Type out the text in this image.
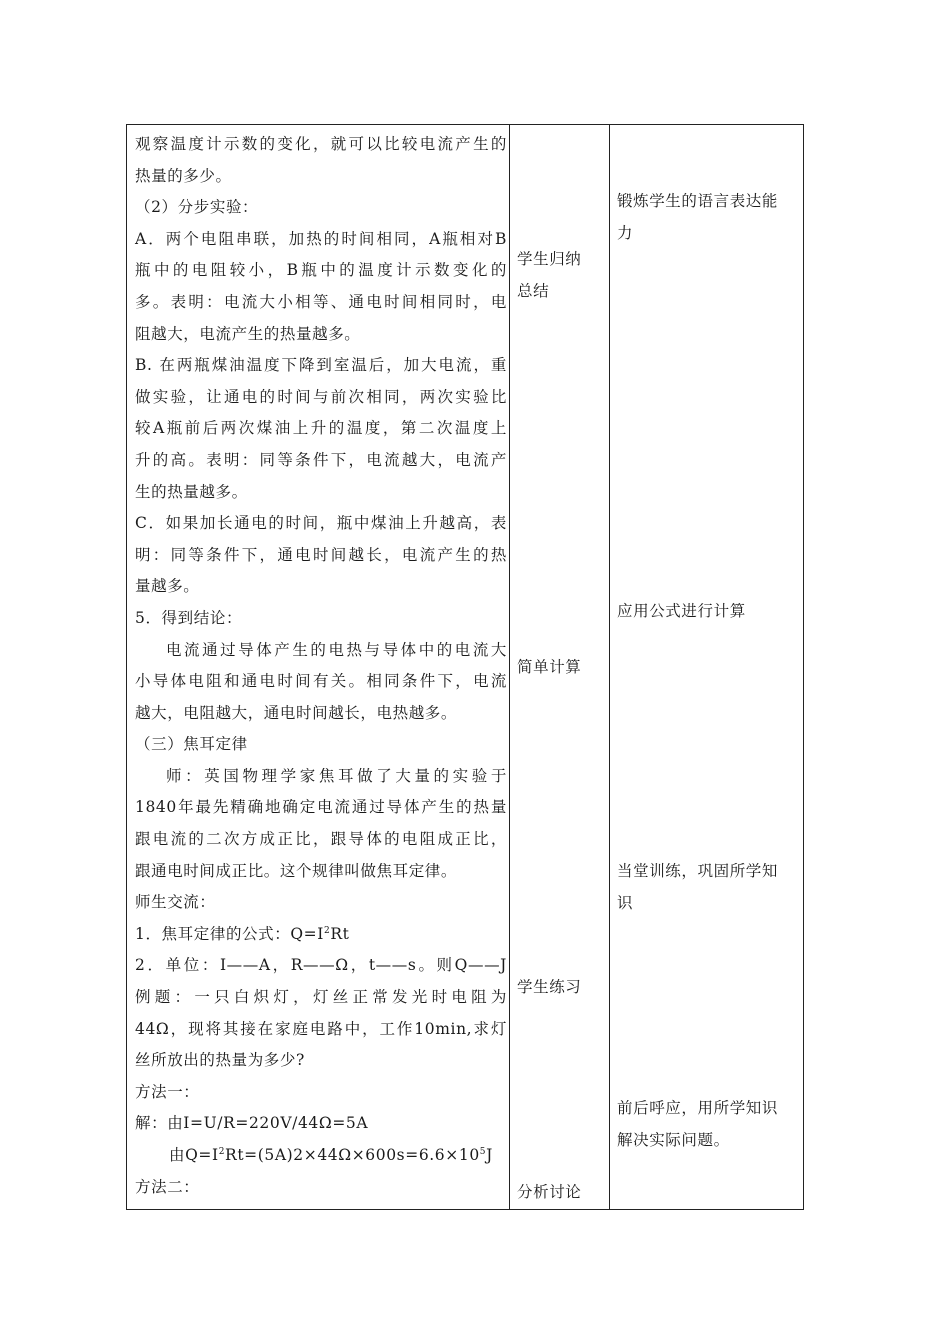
观察温度计示数的变化，就可以比较电流产生的
热量的多少。
（2）分步实验：
A．两个电阻串联，加热的时间相同，A瓶相对B
瓶中的电阻较小，B瓶中的温度计示数变化的
多。表明：电流大小相等、通电时间相同时，电
阻越大，电流产生的热量越多。
B. 在两瓶煤油温度下降到室温后，加大电流，重
做实验，让通电的时间与前次相同，两次实验比
较A瓶前后两次煤油上升的温度，第二次温度上
升的高。表明：同等条件下，电流越大，电流产
生的热量越多。
C．如果加长通电的时间，瓶中煤油上升越高，表
明：同等条件下，通电时间越长，电流产生的热
量越多。
5．得到结论：
电流通过导体产生的电热与导体中的电流大
小导体电阻和通电时间有关。相同条件下，电流
越大，电阻越大，通电时间越长，电热越多。
（三）焦耳定律
师：英国物理学家焦耳做了大量的实验于
1840年最先精确地确定电流通过导体产生的热量
跟电流的二次方成正比，跟导体的电阻成正比，
跟通电时间成正比。这个规律叫做焦耳定律。
师生交流：
1．焦耳定律的公式：$Q=I^2Rt$
2．单位：I——A，R——Ω，t——s。则Q——J
例题：一只白炽灯，灯丝正常发光时电阻为
44Ω，现将其接在家庭电路中，工作10min,求灯
丝所放出的热量为多少?
方法一：
解：由I=U/R=220V/44Ω=5A
由$Q=I^2Rt=(5A)2\times 44\Omega\times 600s=6.6\times 10^5J$
方法二：
学生归纳
总结
简单计算
学生练习
分析讨论
锻炼学生的语言表达能
力
应用公式进行计算
当堂训练，巩固所学知
识
前后呼应，用所学知识
解决实际问题。
